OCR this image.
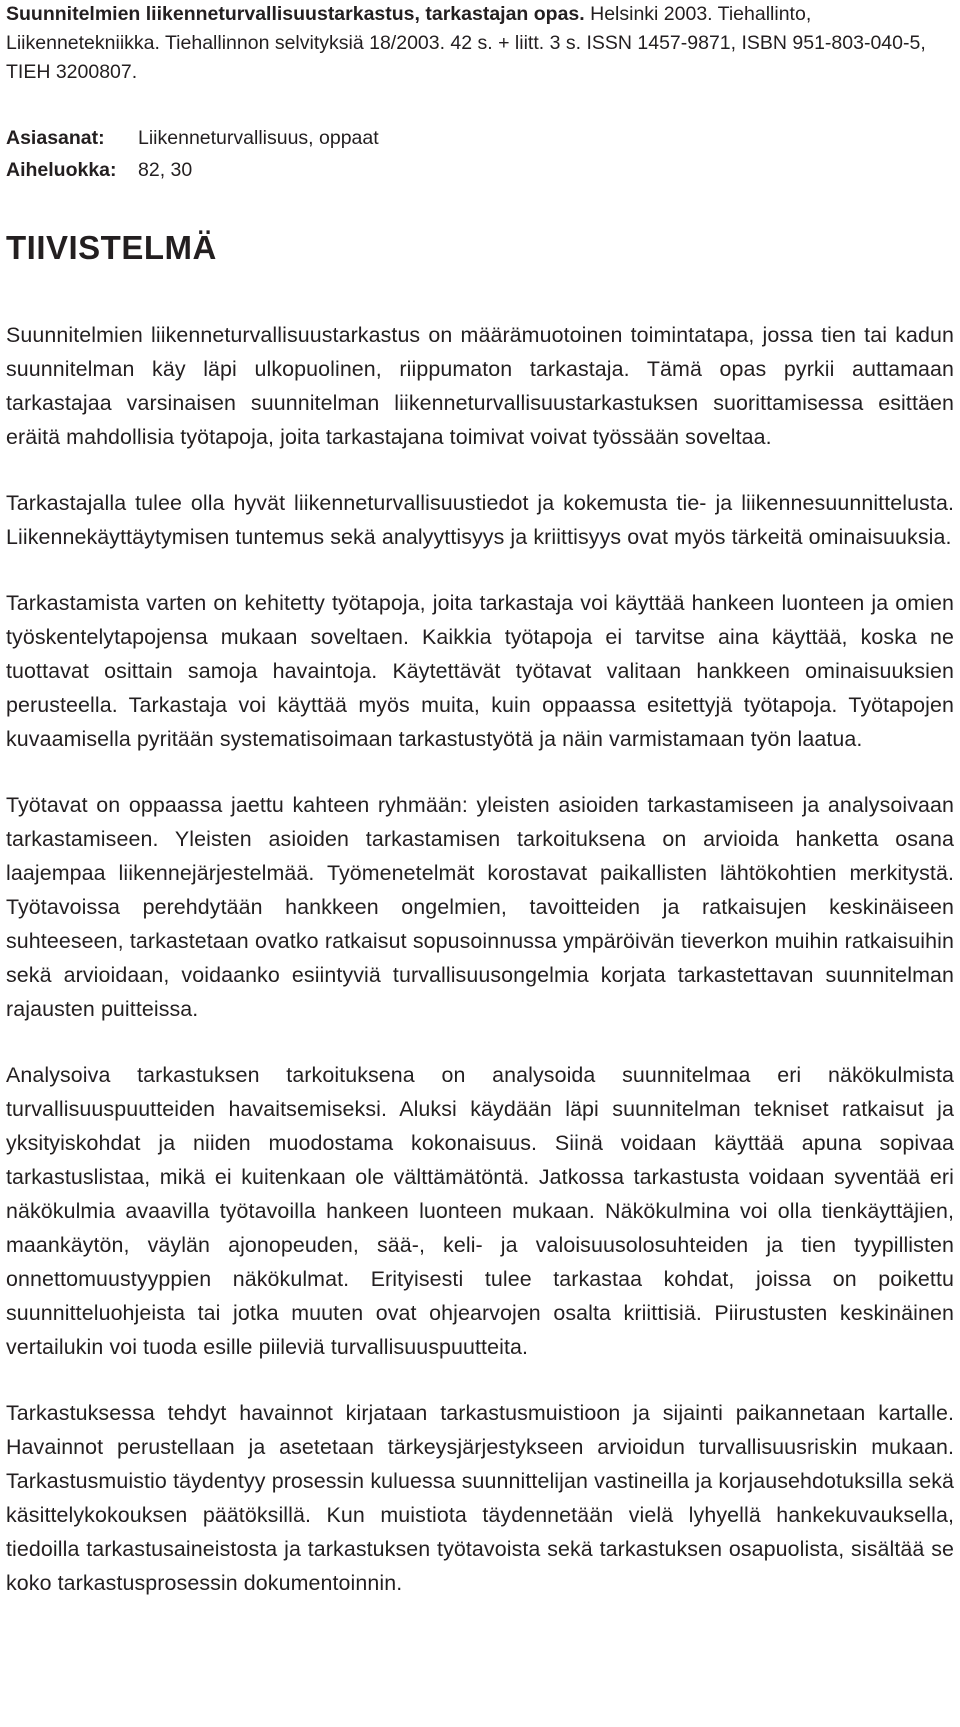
Suunnitelmien liikenneturvallisuustarkastus, tarkastajan opas. Helsinki 2003. Tiehallinto, Liikennetekniikka. Tiehallinnon selvityksiä 18/2003. 42 s. + liitt. 3 s. ISSN 1457-9871, ISBN 951-803-040-5, TIEH 3200807.

Asiasanat:	Liikenneturvallisuus, oppaat
Aiheluokka:	82, 30
TIIVISTELMÄ

Suunnitelmien liikenneturvallisuustarkastus on määrämuotoinen toimintatapa, jossa tien tai kadun suunnitelman käy läpi ulkopuolinen, riippumaton tarkastaja. Tämä opas pyrkii auttamaan tarkastajaa varsinaisen suunnitelman liikenneturvallisuustarkastuksen suorittamisessa esittäen eräitä mahdollisia työtapoja, joita tarkastajana toimivat voivat työssään soveltaa.

Tarkastajalla tulee olla hyvät liikenneturvallisuustiedot ja kokemusta tie- ja liikennesuunnittelusta. Liikennekäyttäytymisen tuntemus sekä analyyttisyys ja kriittisyys ovat myös tärkeitä ominaisuuksia.

Tarkastamista varten on kehitetty työtapoja, joita tarkastaja voi käyttää hankeen luonteen ja omien työskentelytapojensa mukaan soveltaen. Kaikkia työtapoja ei tarvitse aina käyttää, koska ne tuottavat osittain samoja havaintoja. Käytettävät työtavat valitaan hankkeen ominaisuuksien perusteella. Tarkastaja voi käyttää myös muita, kuin oppaassa esitettyjä työtapoja. Työtapojen kuvaamisella pyritään systematisoimaan tarkastustyötä ja näin varmistamaan työn laatua.

Työtavat on oppaassa jaettu kahteen ryhmään: yleisten asioiden tarkastamiseen ja analysoivaan tarkastamiseen. Yleisten asioiden tarkastamisen tarkoituksena on arvioida hanketta osana laajempaa liikennejärjestelmää. Työmenetelmät korostavat paikallisten lähtökohtien merkitystä. Työtavoissa perehdytään hankkeen ongelmien, tavoitteiden ja ratkaisujen keskinäiseen suhteeseen, tarkastetaan ovatko ratkaisut sopusoinnussa ympäröivän tieverkon muihin ratkaisuihin sekä arvioidaan, voidaanko esiintyviä turvallisuusongelmia korjata tarkastettavan suunnitelman rajausten puitteissa.

Analysoiva tarkastuksen tarkoituksena on analysoida suunnitelmaa eri näkökulmista turvallisuuspuutteiden havaitsemiseksi. Aluksi käydään läpi suunnitelman tekniset ratkaisut ja yksityiskohdat ja niiden muodostama kokonaisuus. Siinä voidaan käyttää apuna sopivaa tarkastuslistaa, mikä ei kuitenkaan ole välttämätöntä. Jatkossa tarkastusta voidaan syventää eri näkökulmia avaavilla työtavoilla hankeen luonteen mukaan. Näkökulmina voi olla tienkäyttäjien, maankäytön, väylän ajonopeuden, sää-, keli- ja valoisuusolosuhteiden ja tien tyypillisten onnettomuustyyppien näkökulmat. Erityisesti tulee tarkastaa kohdat, joissa on poikettu suunnitteluohjeista tai jotka muuten ovat ohjearvojen osalta kriittisiä. Piirustusten keskinäinen vertailukin voi tuoda esille piileviä turvallisuuspuutteita.

Tarkastuksessa tehdyt havainnot kirjataan tarkastusmuistioon ja sijainti paikannetaan kartalle. Havainnot perustellaan ja asetetaan tärkeysjärjestykseen arvioidun turvallisuusriskin mukaan. Tarkastusmuistio täydentyy prosessin kuluessa suunnittelijan vastineilla ja korjausehdotuksilla sekä käsittelykokouksen päätöksillä. Kun muistiota täydennetään vielä lyhyellä hankekuvauksella, tiedoilla tarkastusaineistosta ja tarkastuksen työtavoista sekä tarkastuksen osapuolista, sisältää se koko tarkastusprosessin dokumentoinnin.
